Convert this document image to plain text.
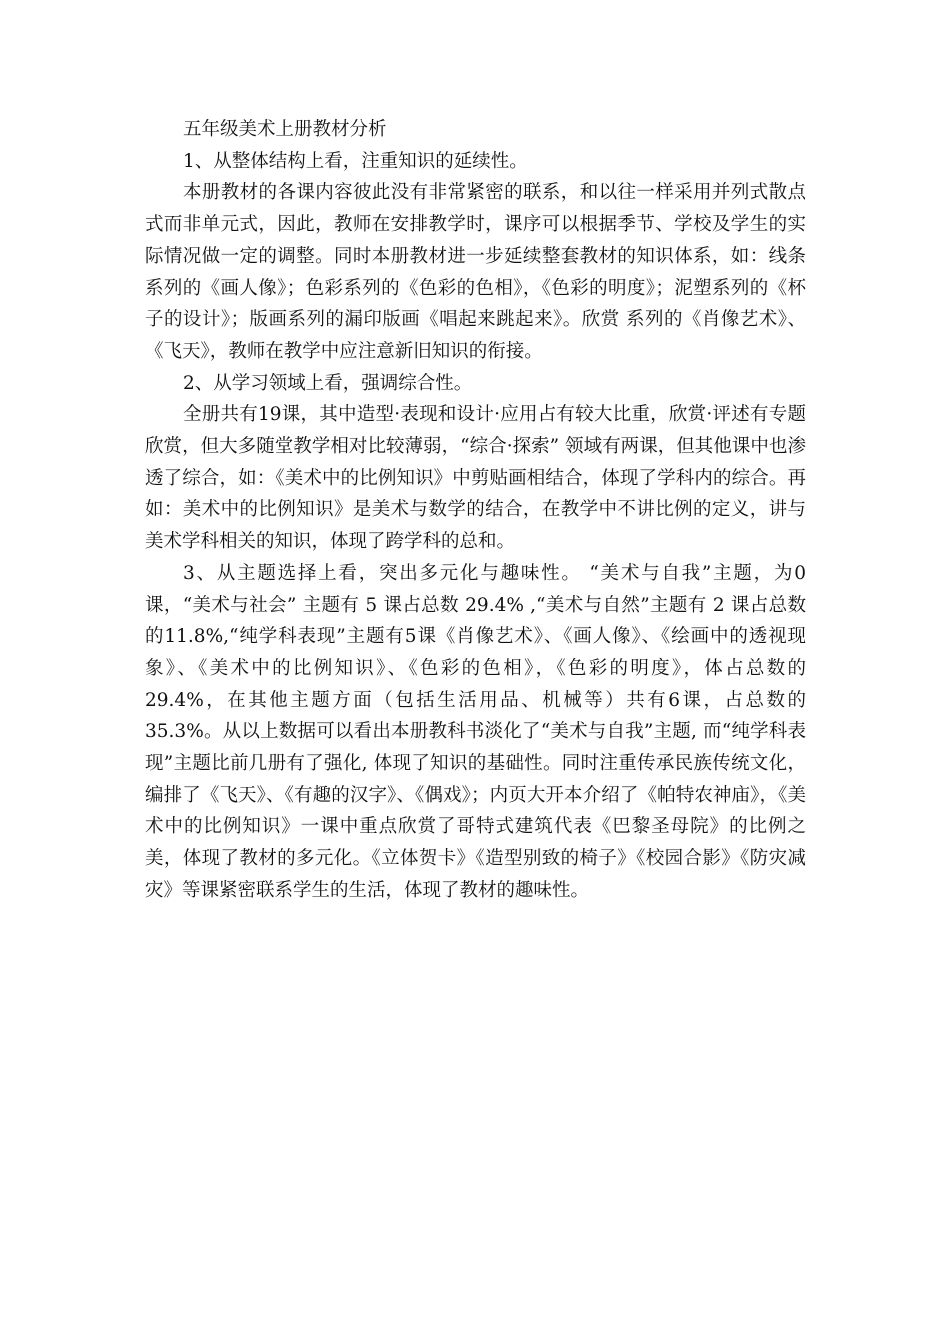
五年级美术上册教材分析

1、从整体结构上看，注重知识的延续性。

本册教材的各课内容彼此没有非常紧密的联系，和以往一样采用并列式散点式而非单元式，因此，教师在安排教学时，课序可以根据季节、学校及学生的实际情况做一定的调整。同时本册教材进一步延续整套教材的知识体系，如：线条系列的《画人像》；色彩系列的《色彩的色相》，《色彩的明度》；泥塑系列的《杯子的设计》；版画系列的漏印版画《唱起来跳起来》。欣赏 系列的《肖像艺术》、《飞天》，教师在教学中应注意新旧知识的衔接。

2、从学习领域上看，强调综合性。

全册共有19课，其中造型·表现和设计·应用占有较大比重，欣赏·评述有专题欣赏，但大多随堂教学相对比较薄弱，“综合·探索” 领域有两课，但其他课中也渗透了综合，如：《美术中的比例知识》中剪贴画相结合，体现了学科内的综合。再如：美术中的比例知识》是美术与数学的结合，在教学中不讲比例的定义，讲与美术学科相关的知识，体现了跨学科的总和。

3、从主题选择上看，突出多元化与趣味性。 “美术与自我”主题，为0课，“美术与社会” 主题有 5 课占总数 29.4% ,“美术与自然”主题有 2 课占总数的11.8%,“纯学科表现”主题有5课《肖像艺术》、《画人像》、《绘画中的透视现象》、《美术中的比例知识》、《色彩的色相》，《色彩的明度》，体占总数的 29.4%，在其他主题方面（包括生活用品、机械等）共有6课，占总数的35.3%。从以上数据可以看出本册教科书淡化了“美术与自我”主题, 而“纯学科表现”主题比前几册有了强化, 体现了知识的基础性。同时注重传承民族传统文化，编排了《飞天》、《有趣的汉字》、《偶戏》；内页大开本介绍了《帕特农神庙》，《美术中的比例知识》一课中重点欣赏了哥特式建筑代表《巴黎圣母院》的比例之美，体现了教材的多元化。《立体贺卡》《造型别致的椅子》《校园合影》《防灾减灾》等课紧密联系学生的生活，体现了教材的趣味性。
